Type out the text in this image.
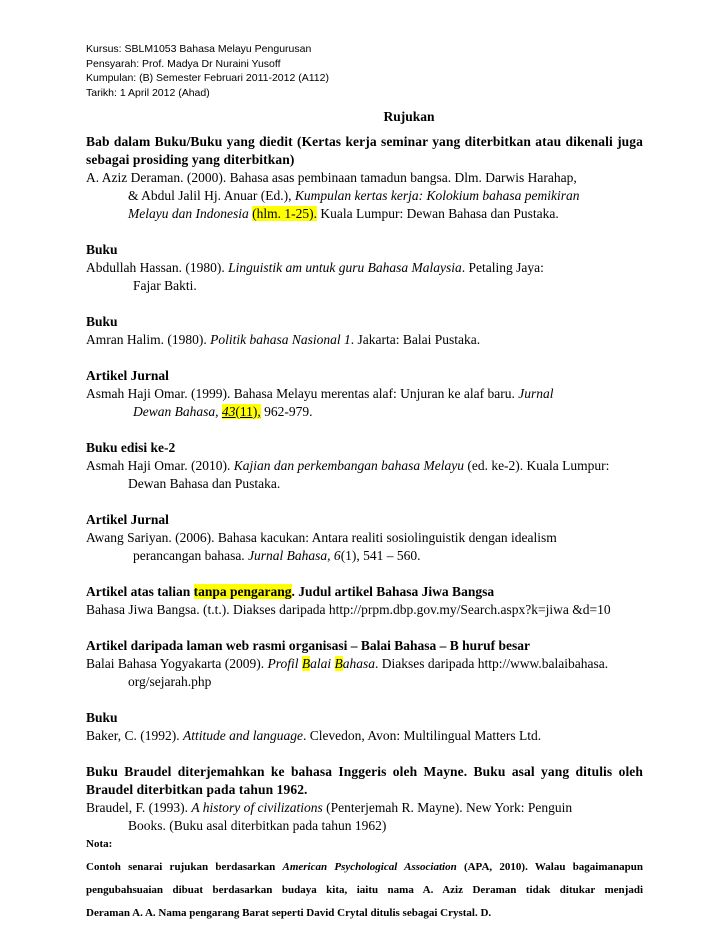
Kursus: SBLM1053 Bahasa Melayu Pengurusan
Pensyarah: Prof. Madya Dr Nuraini Yusoff
Kumpulan: (B) Semester Februari 2011-2012 (A112)
Tarikh: 1 April 2012 (Ahad)
Rujukan
Bab dalam Buku/Buku yang diedit (Kertas kerja seminar yang diterbitkan atau dikenali juga sebagai prosiding yang diterbitkan)
A. Aziz Deraman. (2000). Bahasa asas pembinaan tamadun bangsa. Dlm. Darwis Harahap,
& Abdul Jalil Hj. Anuar (Ed.), Kumpulan kertas kerja: Kolokium bahasa pemikiran
Melayu dan Indonesia (hlm. 1-25). Kuala Lumpur: Dewan Bahasa dan Pustaka.
Buku
Abdullah Hassan. (1980). Linguistik am untuk guru Bahasa Malaysia. Petaling Jaya:
Fajar Bakti.
Buku
Amran Halim. (1980). Politik bahasa Nasional 1. Jakarta: Balai Pustaka.
Artikel Jurnal
Asmah Haji Omar. (1999). Bahasa Melayu merentas alaf: Unjuran ke alaf baru. Jurnal
Dewan Bahasa, 43(11), 962-979.
Buku edisi ke-2
Asmah Haji Omar. (2010). Kajian dan perkembangan bahasa Melayu (ed. ke-2). Kuala Lumpur:
Dewan Bahasa dan Pustaka.
Artikel Jurnal
Awang Sariyan. (2006). Bahasa kacukan: Antara realiti sosiolinguistik dengan idealism
perancangan bahasa. Jurnal Bahasa, 6(1), 541 – 560.
Artikel atas talian tanpa pengarang. Judul artikel Bahasa Jiwa Bangsa
Bahasa Jiwa Bangsa. (t.t.). Diakses daripada http://prpm.dbp.gov.my/Search.aspx?k=jiwa &d=10
Artikel daripada laman web rasmi organisasi – Balai Bahasa – B huruf besar
Balai Bahasa Yogyakarta (2009). Profil Balai Bahasa. Diakses daripada http://www.balaibahasa.
org/sejarah.php
Buku
Baker, C. (1992). Attitude and language. Clevedon, Avon: Multilingual Matters Ltd.
Buku Braudel diterjemahkan ke bahasa Inggeris oleh Mayne. Buku asal yang ditulis oleh Braudel diterbitkan pada tahun 1962.
Braudel, F. (1993). A history of civilizations (Penterjemah R. Mayne). New York: Penguin
Books. (Buku asal diterbitkan pada tahun 1962)
Nota:
Contoh senarai rujukan berdasarkan American Psychological Association (APA, 2010). Walau bagaimanapun
pengubahsuaian dibuat berdasarkan budaya kita, iaitu nama A. Aziz Deraman tidak ditukar menjadi
Deraman A. A. Nama pengarang Barat seperti David Crytal ditulis sebagai Crystal. D.
